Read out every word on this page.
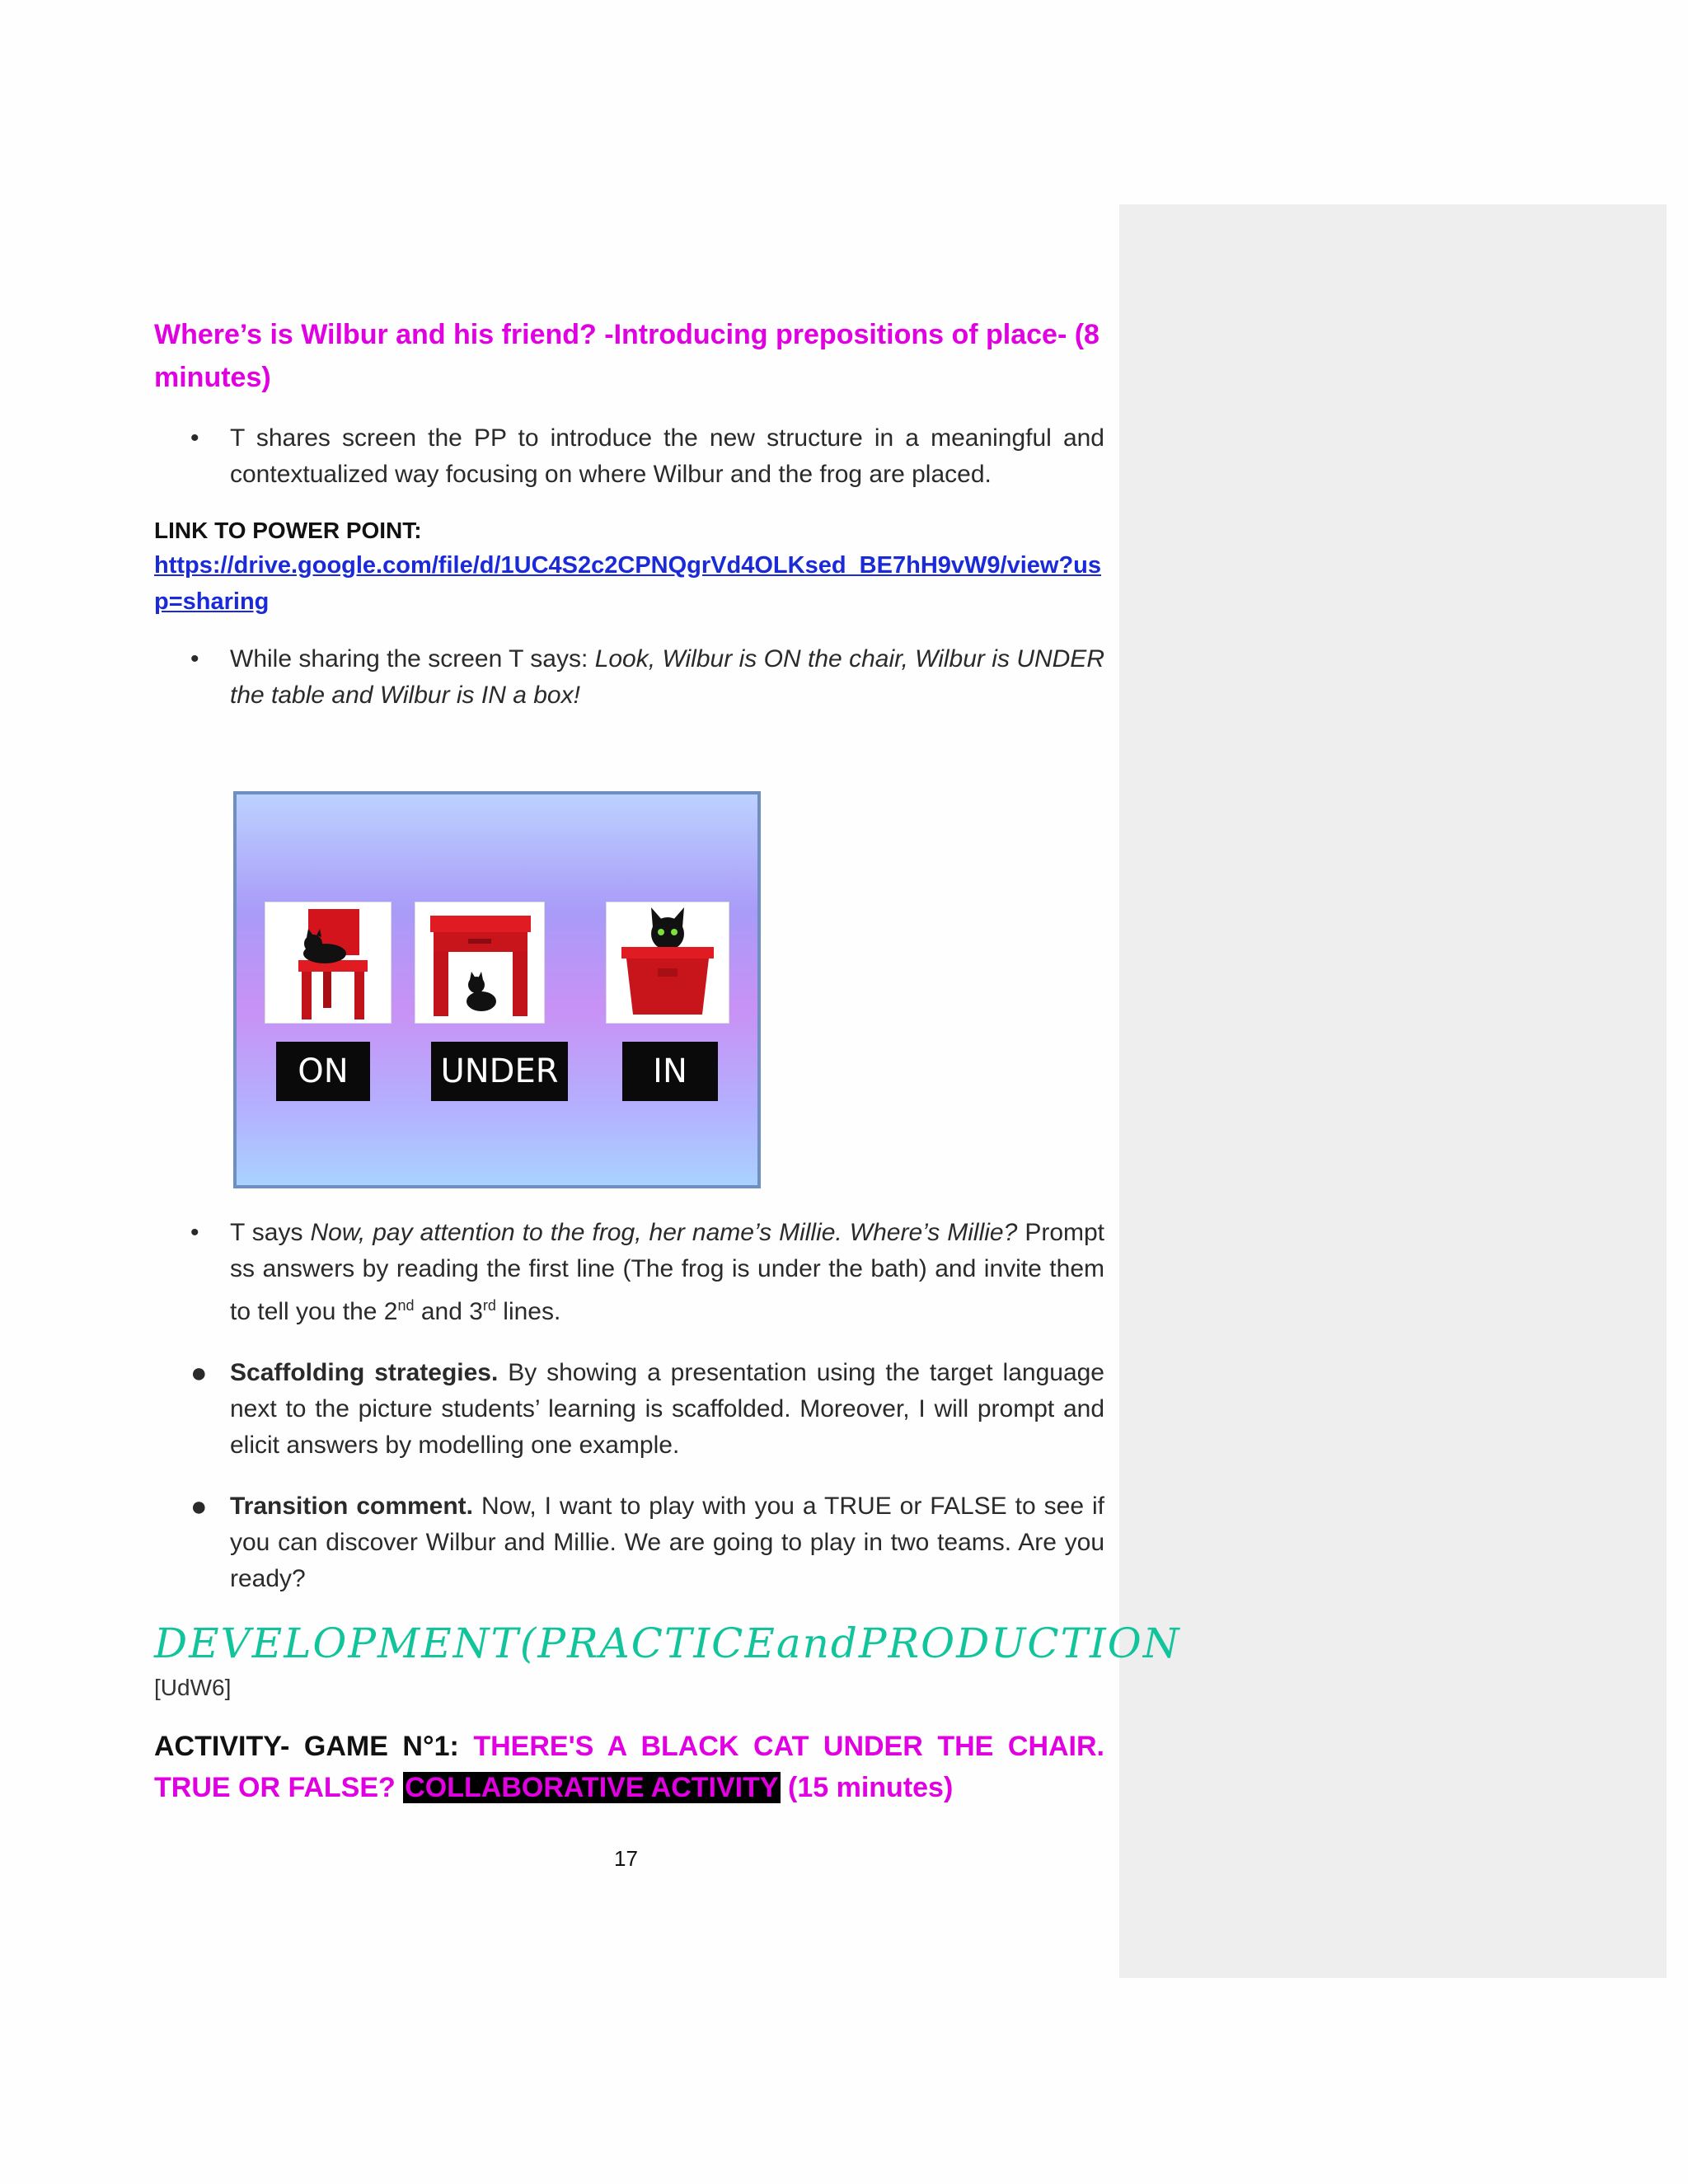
Where’s is Wilbur and his friend? -Introducing prepositions of place- (8 minutes)

• T shares screen the PP to introduce the new structure in a meaningful and contextualized way focusing on where Wilbur and the frog are placed.
LINK TO POWER POINT:
https://drive.google.com/file/d/1UC4S2c2CPNQgrVd4OLKsed_BE7hH9vW9/view?usp=sharing
• While sharing the screen T says: Look, Wilbur is ON the chair, Wilbur is UNDER the table and Wilbur is IN a box!
ON	UNDER	IN
• T says Now, pay attention to the frog, her name’s Millie. Where’s Millie? Prompt ss answers by reading the first line (The frog is under the bath) and invite them to tell you the 2nd and 3rd lines.
● Scaffolding strategies. By showing a presentation using the target language next to the picture students’ learning is scaffolded. Moreover, I will prompt and elicit answers by modelling one example.
● Transition comment. Now, I want to play with you a TRUE or FALSE to see if you can discover Wilbur and Millie. We are going to play in two teams. Are you ready?
DEVELOPMENT (PRACTICE and PRODUCTION
[UdW6]
ACTIVITY- GAME N°1: THERE'S A BLACK CAT UNDER THE CHAIR. TRUE OR FALSE? COLLABORATIVE ACTIVITY (15 minutes)
17
